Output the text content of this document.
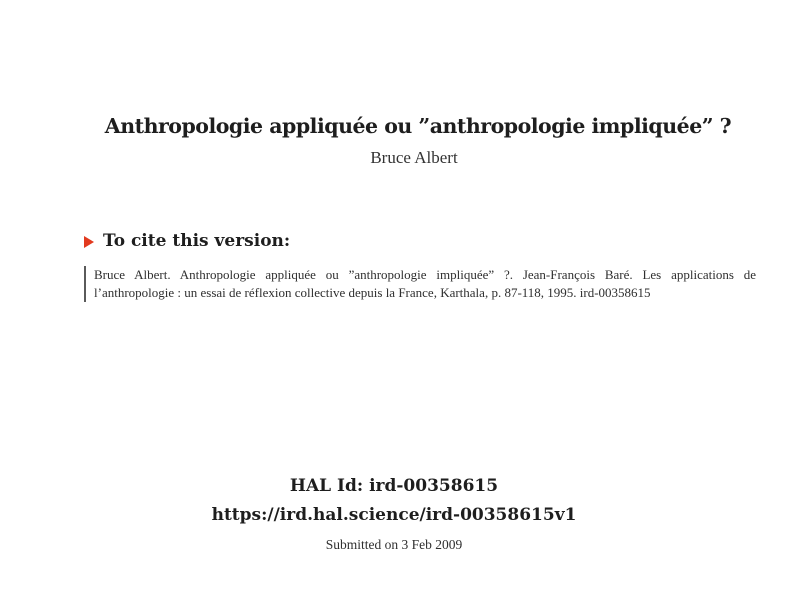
Anthropologie appliquée ou ”anthropologie impliquée” ?
Bruce Albert
To cite this version:
Bruce Albert. Anthropologie appliquée ou ”anthropologie impliquée” ?. Jean-François Baré. Les applications de l’anthropologie : un essai de réflexion collective depuis la France, Karthala, p. 87-118, 1995. ird-00358615
HAL Id: ird-00358615
https://ird.hal.science/ird-00358615v1
Submitted on 3 Feb 2009
